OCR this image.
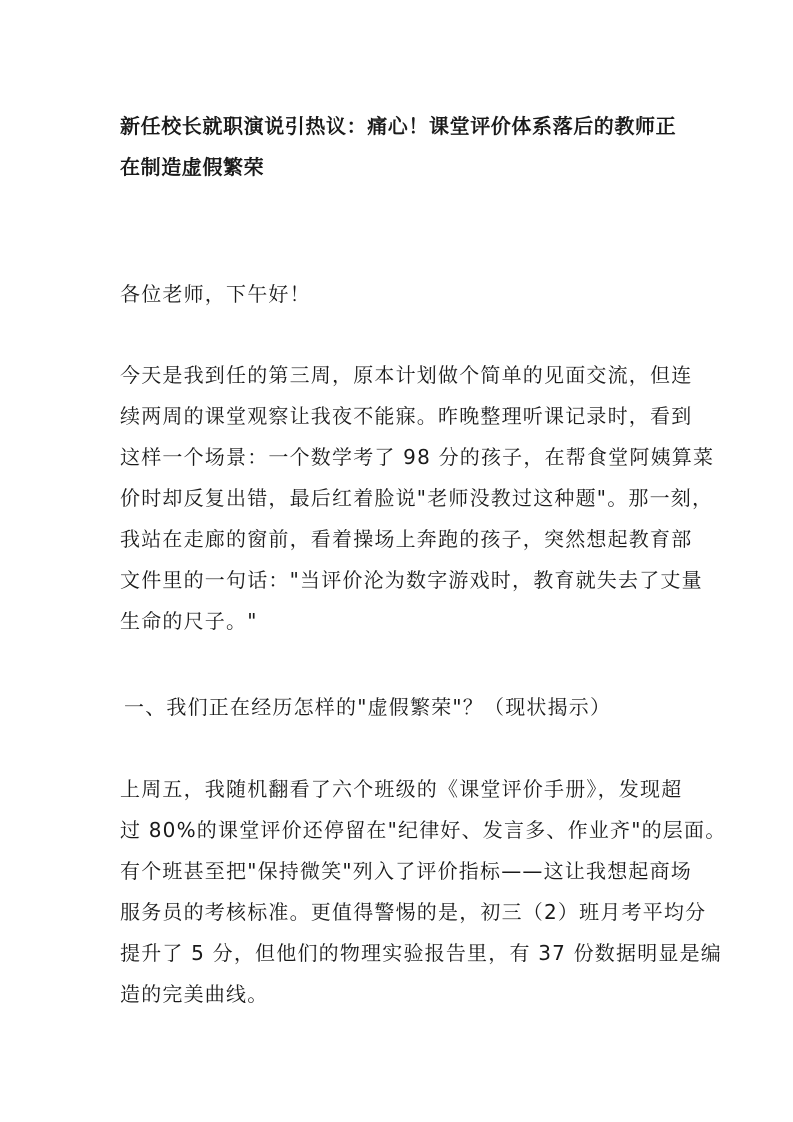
新任校长就职演说引热议：痛心！课堂评价体系落后的教师正
在制造虚假繁荣
各位老师，下午好！
今天是我到任的第三周，原本计划做个简单的见面交流，但连
续两周的课堂观察让我夜不能寐。昨晚整理听课记录时，看到
这样一个场景：一个数学考了 98 分的孩子，在帮食堂阿姨算菜
价时却反复出错，最后红着脸说"老师没教过这种题"。那一刻，
我站在走廊的窗前，看着操场上奔跑的孩子，突然想起教育部
文件里的一句话："当评价沦为数字游戏时，教育就失去了丈量
生命的尺子。"
一、我们正在经历怎样的"虚假繁荣"？（现状揭示）
上周五，我随机翻看了六个班级的《课堂评价手册》，发现超
过 80%的课堂评价还停留在"纪律好、发言多、作业齐"的层面。
有个班甚至把"保持微笑"列入了评价指标——这让我想起商场
服务员的考核标准。更值得警惕的是，初三（2）班月考平均分
提升了 5 分，但他们的物理实验报告里，有 37 份数据明显是编
造的完美曲线。
